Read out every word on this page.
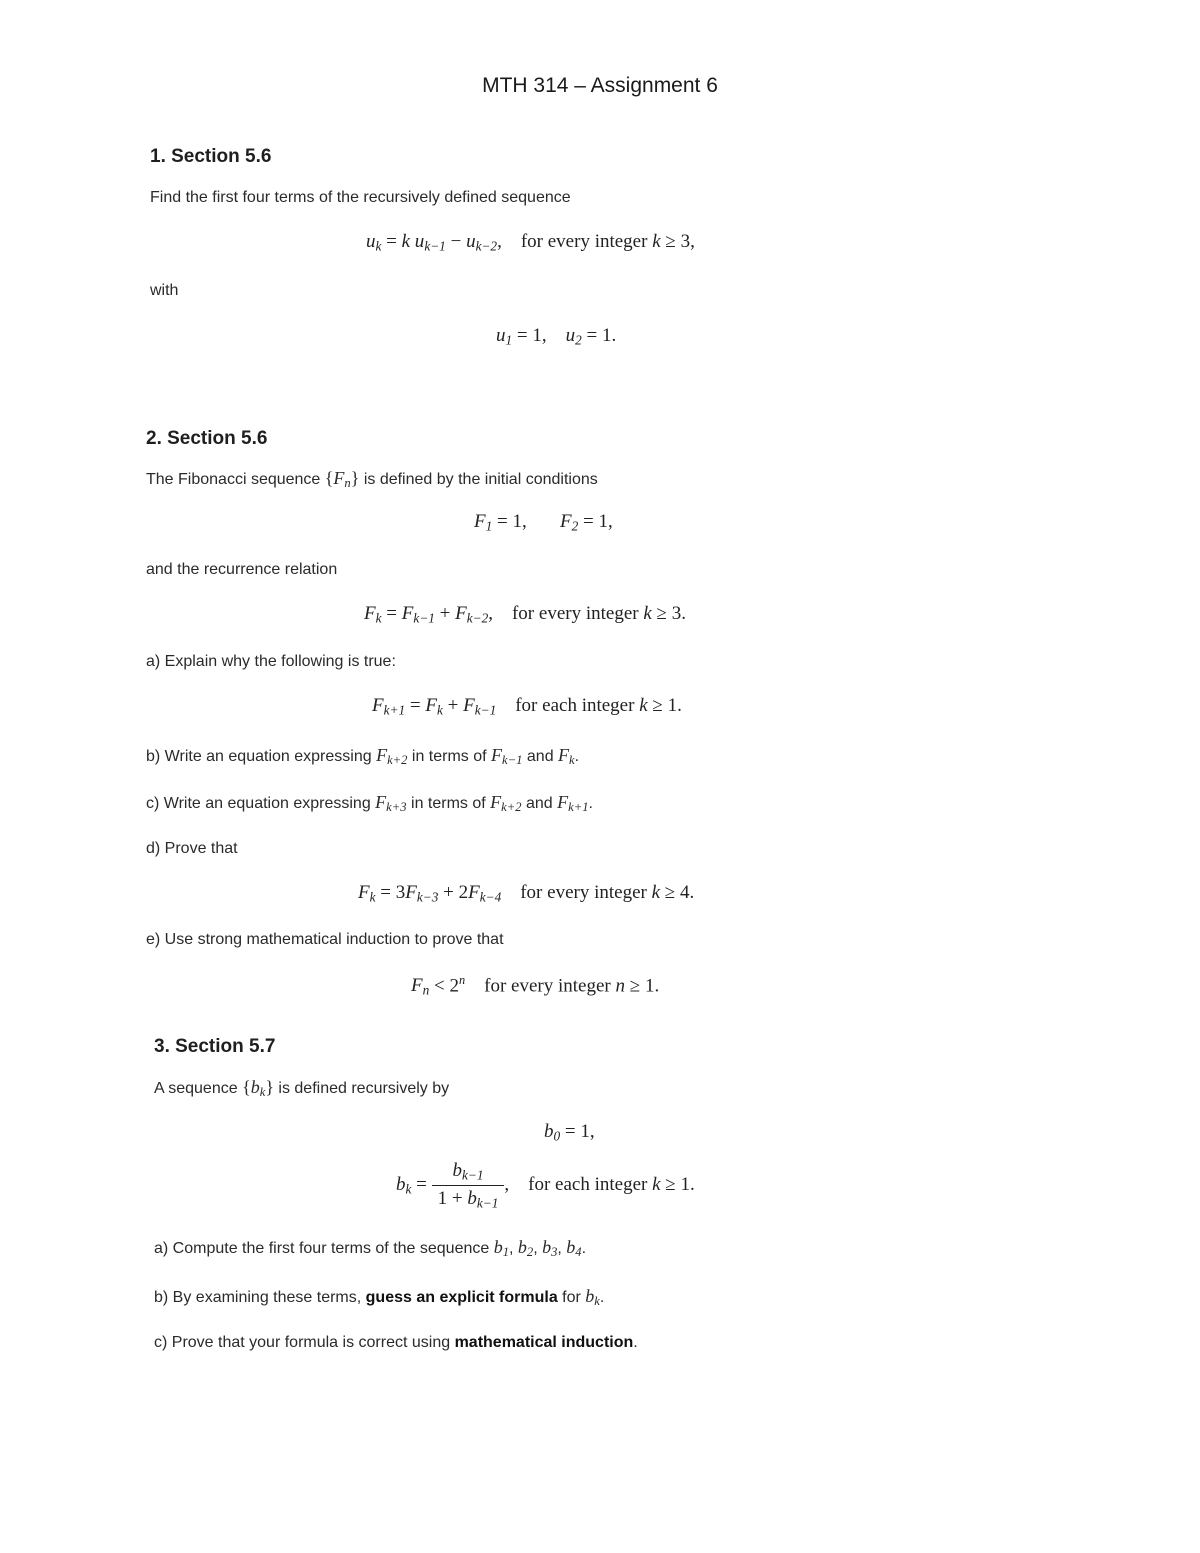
MTH 314 – Assignment 6
1. Section 5.6
Find the first four terms of the recursively defined sequence
$u_k = k$ $u_{k-1} - u_{k-2}$,    for every integer k ≥ 3,
with
$u_1 = 1$,    $u_2 = 1$.
2. Section 5.6
The Fibonacci sequence $\{F_n\}$ is defined by the initial conditions
$F_1 = 1$,       $F_2 = 1$,
and the recurrence relation
$F_k = F_{k-1} + F_{k-2}$,    for every integer k ≥ 3.
a) Explain why the following is true:
$F_{k+1} = F_k + F_{k-1}$ for each integer k ≥ 1.
b) Write an equation expressing $F_{k+2}$ in terms of $F_{k-1}$ and $F_k$.
c) Write an equation expressing $F_{k+3}$ in terms of $F_{k+2}$ and $F_{k+1}$.
d) Prove that
$F_k = 3F_{k-3} + 2F_{k-4}$ for every integer k ≥ 4.
e) Use strong mathematical induction to prove that
$F_n < 2^n$ for every integer n ≥ 1.
3. Section 5.7
A sequence $\{b_k\}$ is defined recursively by
$b_0 = 1$,
$b_k = \frac{b_{k-1}}{1 + b_{k-1}}$ ,    for each integer k ≥ 1.
a) Compute the first four terms of the sequence $b_1$, $b_2$, $b_3$, $b_4$.
b) By examining these terms, guess an explicit formula for $b_k$.
c) Prove that your formula is correct using mathematical induction.
